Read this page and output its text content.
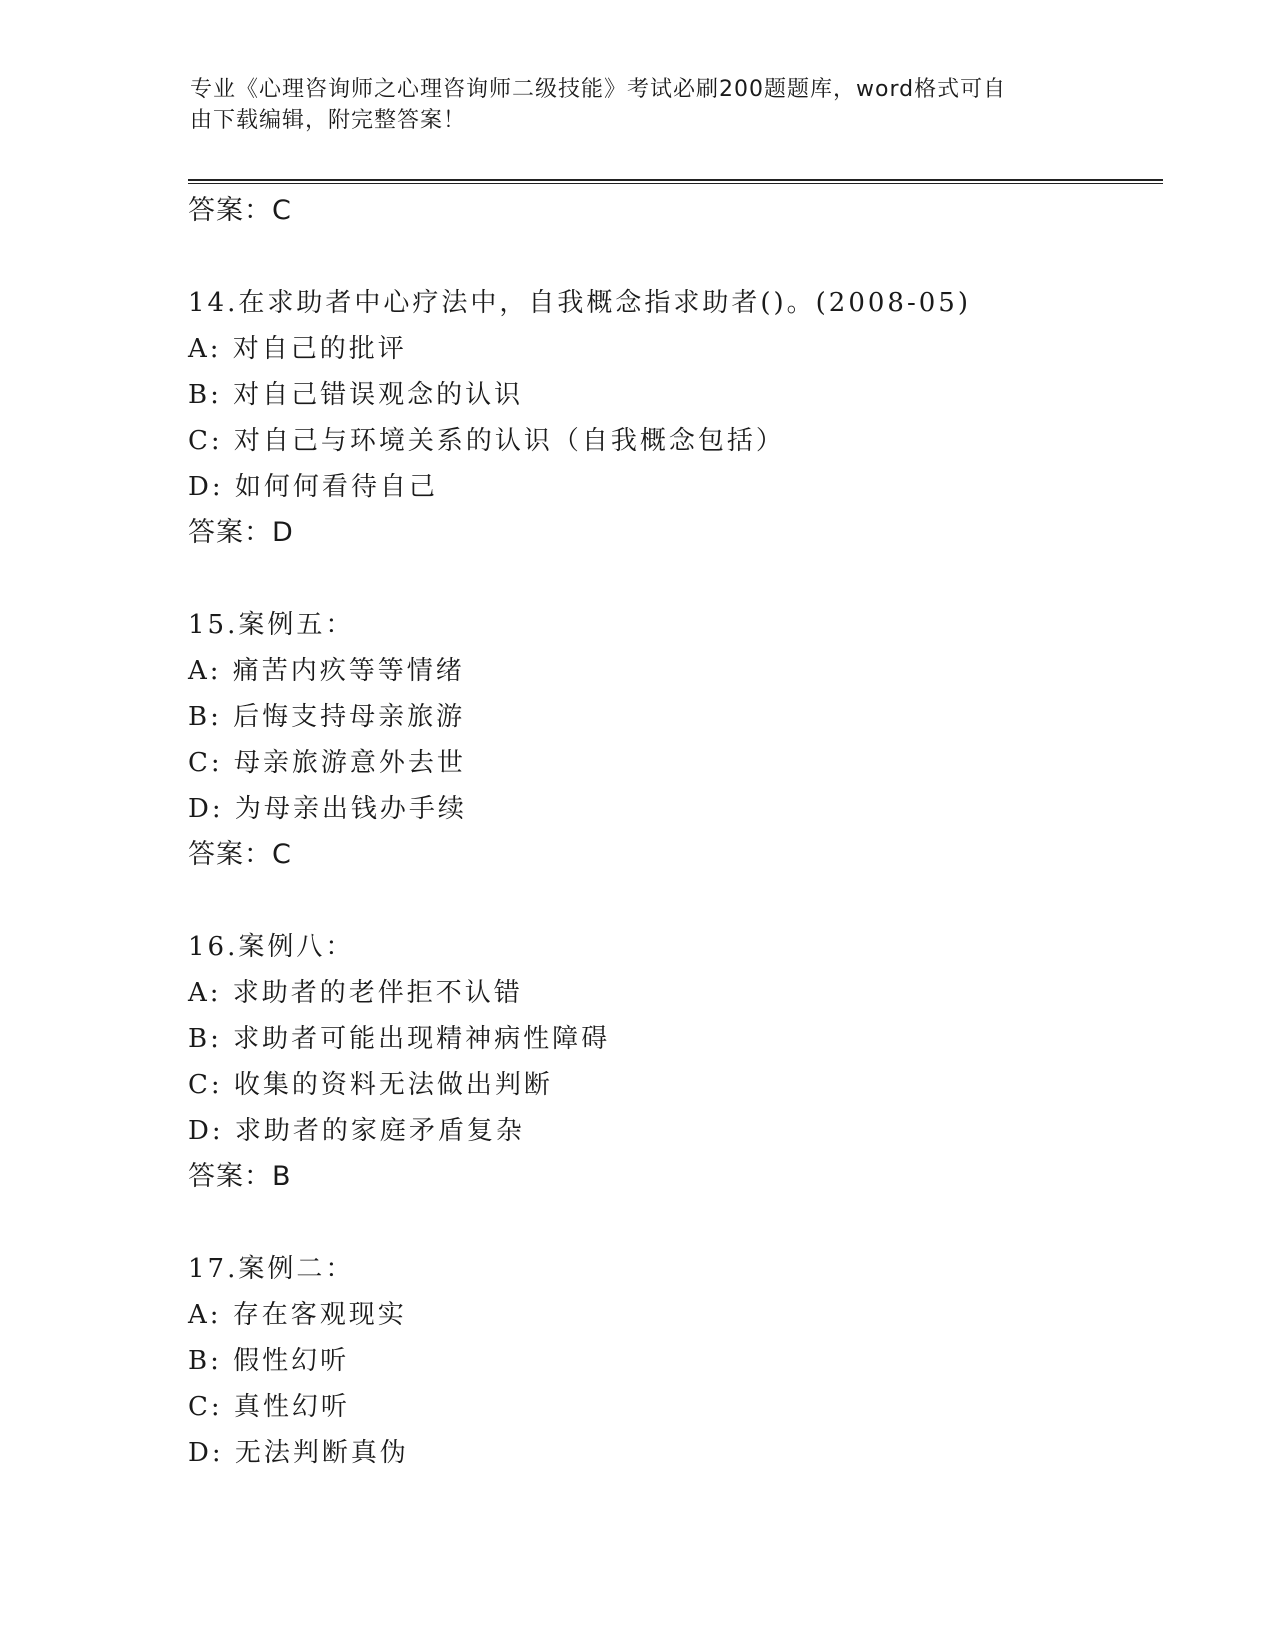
专业《心理咨询师之心理咨询师二级技能》考试必刷200题题库，word格式可自
由下载编辑，附完整答案！
答案：C
14.在求助者中心疗法中，自我概念指求助者()。(2008-05)
A: 对自己的批评
B: 对自己错误观念的认识
C: 对自己与环境关系的认识（自我概念包括）
D: 如何何看待自己
答案：D
15.案例五：
A: 痛苦内疚等等情绪
B: 后悔支持母亲旅游
C: 母亲旅游意外去世
D: 为母亲出钱办手续
答案：C
16.案例八：
A: 求助者的老伴拒不认错
B: 求助者可能出现精神病性障碍
C: 收集的资料无法做出判断
D: 求助者的家庭矛盾复杂
答案：B
17.案例二：
A: 存在客观现实
B: 假性幻听
C: 真性幻听
D: 无法判断真伪
